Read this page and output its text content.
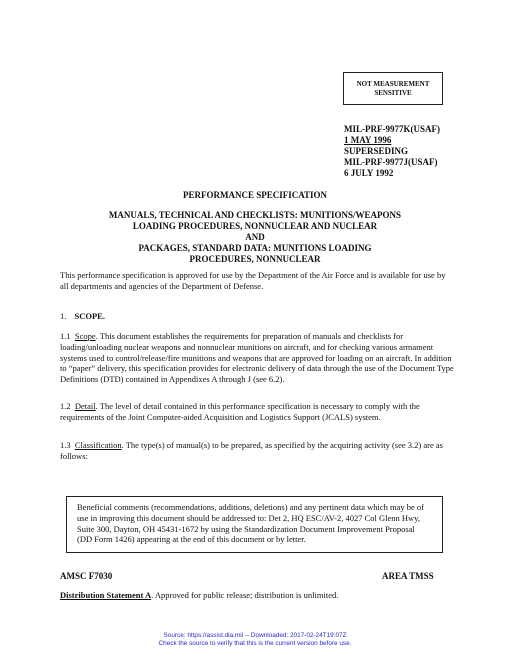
NOT MEASUREMENT
SENSITIVE
MIL-PRF-9977K(USAF)
1 MAY 1996
SUPERSEDING
MIL-PRF-9977J(USAF)
6 JULY 1992
PERFORMANCE SPECIFICATION
MANUALS, TECHNICAL AND CHECKLISTS: MUNITIONS/WEAPONS
LOADING PROCEDURES, NONNUCLEAR AND NUCLEAR
AND
PACKAGES, STANDARD DATA: MUNITIONS LOADING
PROCEDURES, NONNUCLEAR
This performance specification is approved for use by the Department of the Air Force and is available for use by all departments and agencies of the Department of Defense.
1. SCOPE.
1.1 Scope. This document establishes the requirements for preparation of manuals and checklists for loading/unloading nuclear weapons and nonnuclear munitions on aircraft, and for checking various armament systems used to control/release/fire munitions and weapons that are approved for loading on an aircraft. In addition to “paper” delivery, this specification provides for electronic delivery of data through the use of the Document Type Definitions (DTD) contained in Appendixes A through J (see 6.2).
1.2 Detail. The level of detail contained in this performance specification is necessary to comply with the requirements of the Joint Computer-aided Acquisition and Logistics Support (JCALS) system.
1.3 Classification. The type(s) of manual(s) to be prepared, as specified by the acquiring activity (see 3.2) are as follows:
Beneficial comments (recommendations, additions, deletions) and any pertinent data which may be of use in improving this document should be addressed to: Det 2, HQ ESC/AV-2, 4027 Col Glenn Hwy, Suite 300, Dayton, OH 45431-1672 by using the Standardization Document Improvement Proposal (DD Form 1426) appearing at the end of this document or by letter.
AMSC F7030	AREA TMSS
Distribution Statement A. Approved for public release; distribution is unlimited.
Source: https://assist.dla.mil -- Downloaded: 2017-02-24T19:07Z
Check the source to verify that this is the current version before use.
